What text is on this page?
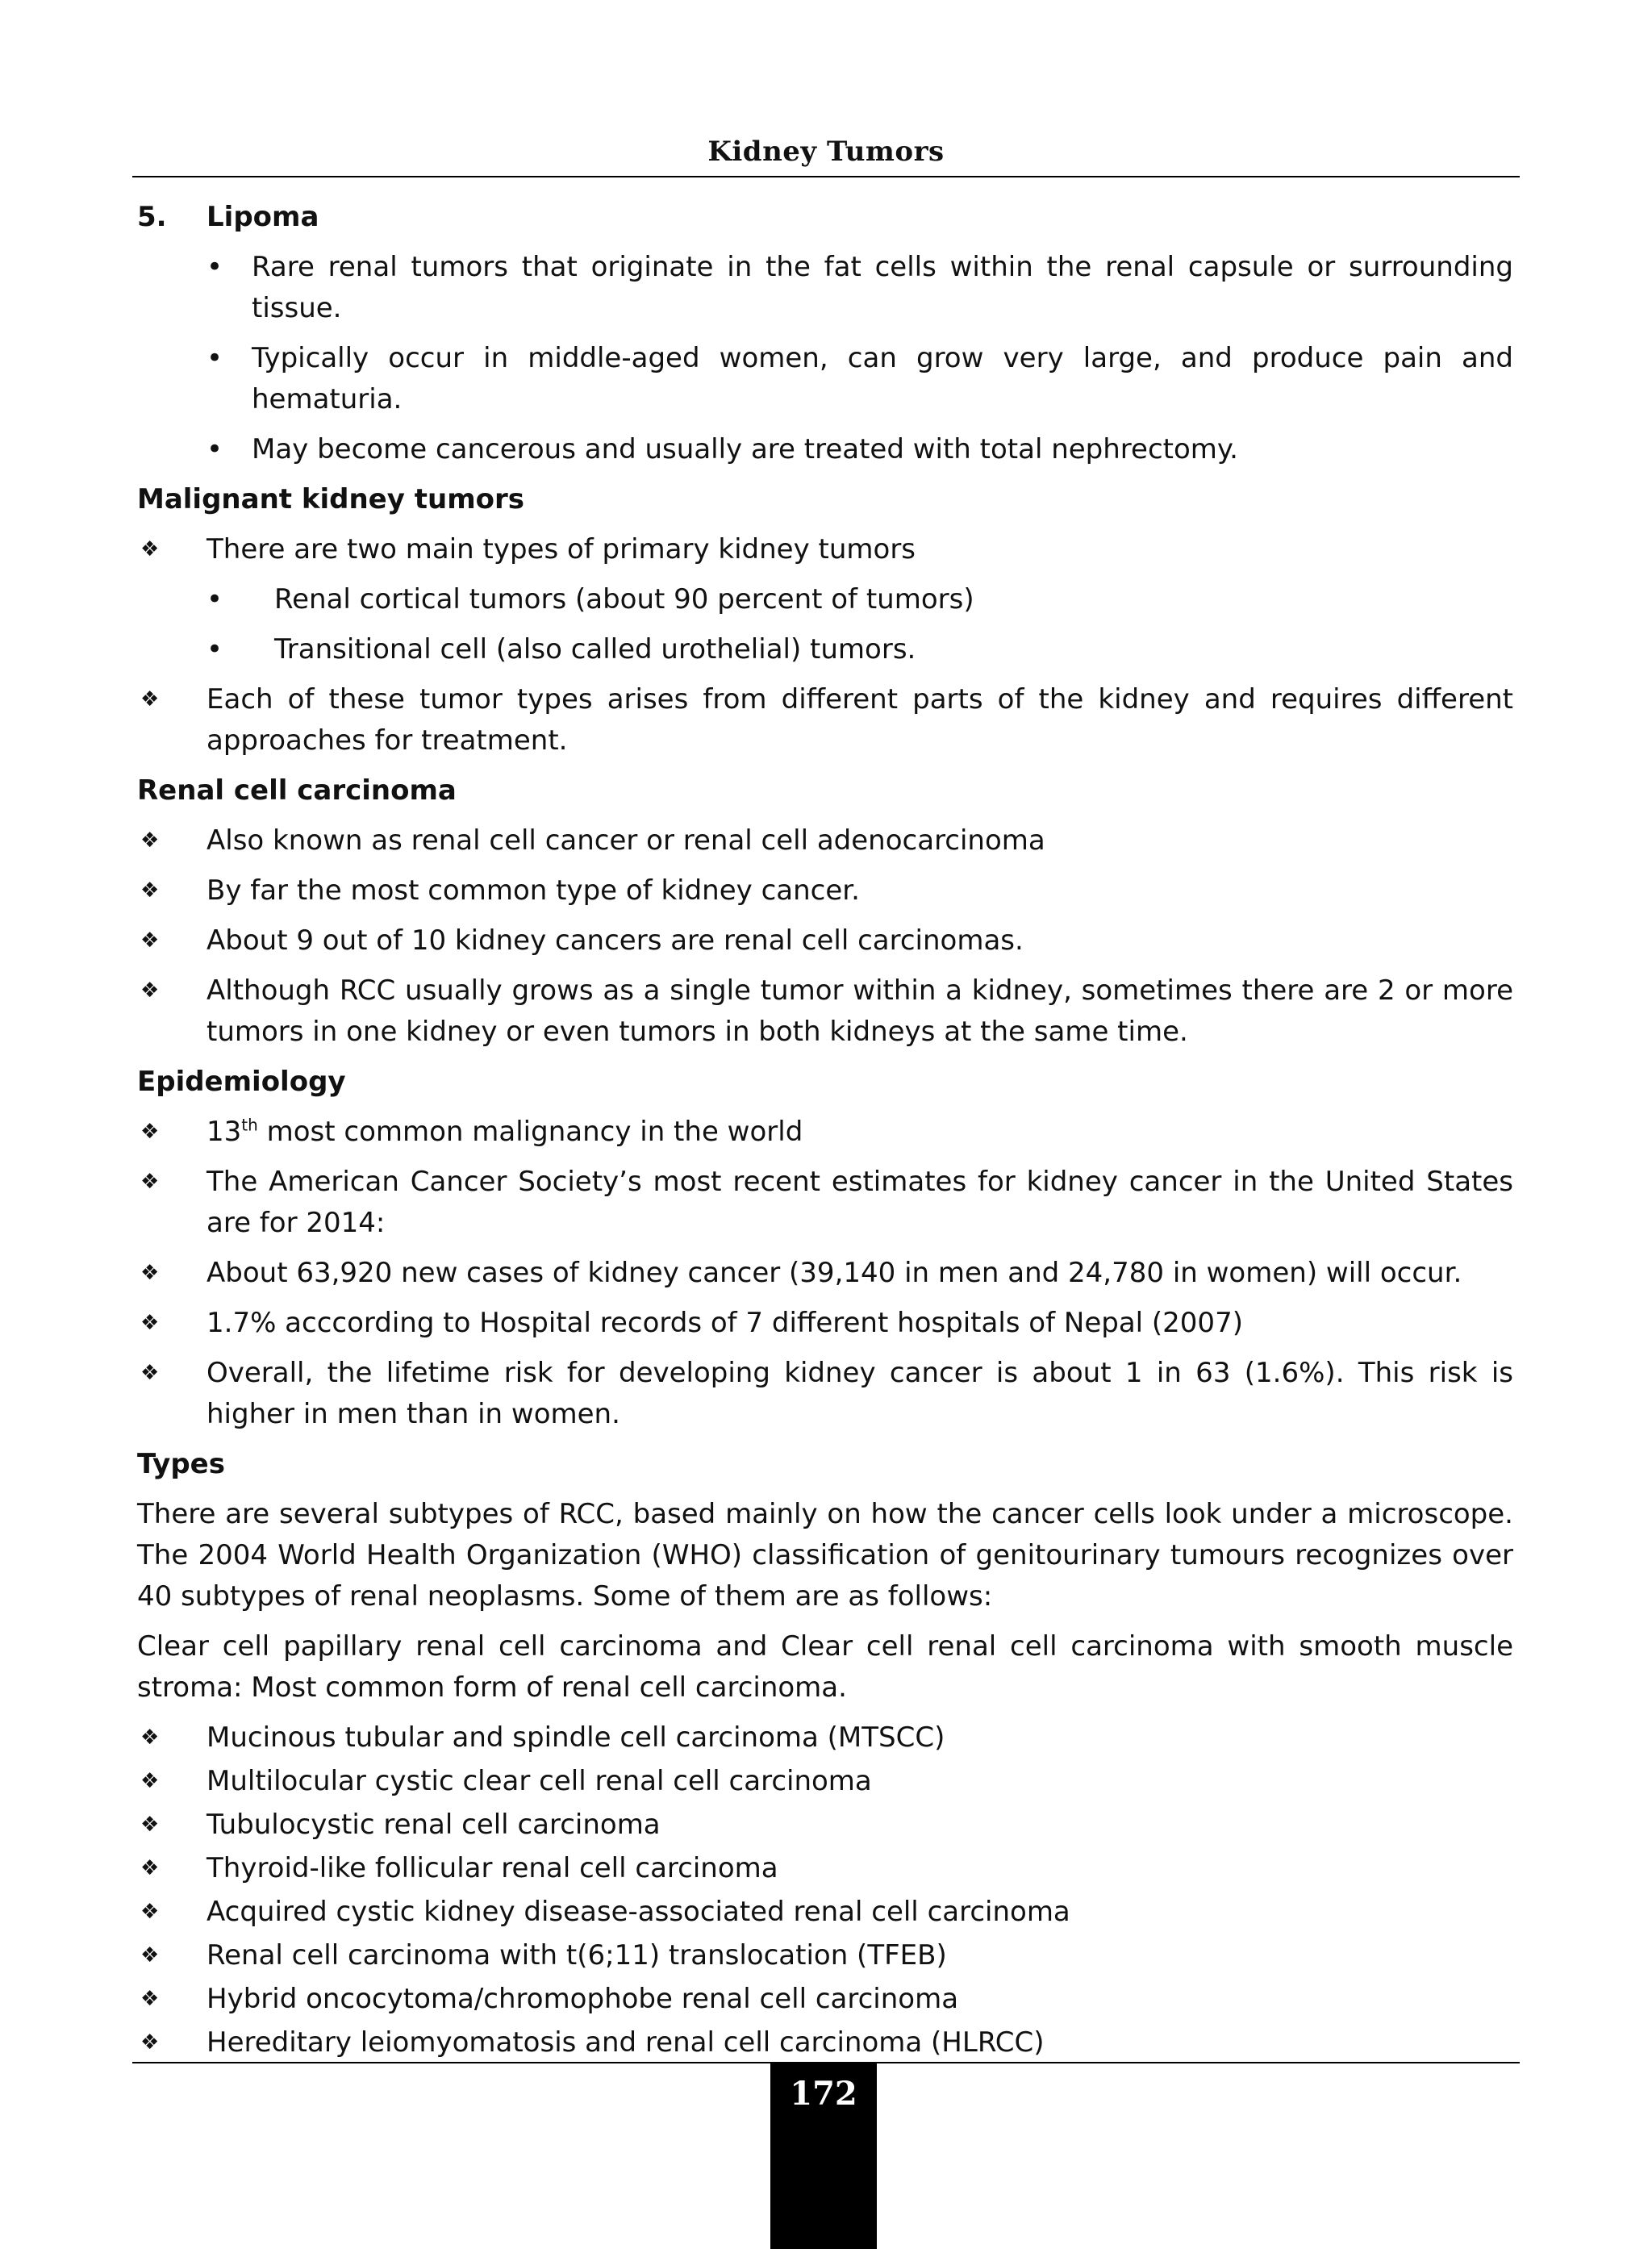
Kidney Tumors
5.	Lipoma
•	Rare renal tumors that originate in the fat cells within the renal capsule or surrounding tissue.
•	Typically occur in middle-aged women, can grow very large, and produce pain and hematuria.
•	May become cancerous and usually are treated with total nephrectomy.
Malignant kidney tumors
❖	There are two main types of primary kidney tumors
•	Renal cortical tumors (about 90 percent of tumors)
•	Transitional cell (also called urothelial) tumors.
❖	Each of these tumor types arises from different parts of the kidney and requires different approaches for treatment.
Renal cell carcinoma
❖	Also known as renal cell cancer or renal cell adenocarcinoma
❖	By far the most common type of kidney cancer.
❖	About 9 out of 10 kidney cancers are renal cell carcinomas.
❖	Although RCC usually grows as a single tumor within a kidney, sometimes there are 2 or more tumors in one kidney or even tumors in both kidneys at the same time.
Epidemiology
❖	13th most common malignancy in the world
❖	The American Cancer Society’s most recent estimates for kidney cancer in the United States are for 2014:
❖	About 63,920 new cases of kidney cancer (39,140 in men and 24,780 in women) will occur.
❖	1.7% acccording to Hospital records of 7 different hospitals of Nepal (2007)
❖	Overall, the lifetime risk for developing kidney cancer is about 1 in 63 (1.6%). This risk is higher in men than in women.
Types
There are several subtypes of RCC, based mainly on how the cancer cells look under a microscope. The 2004 World Health Organization (WHO) classification of genitourinary tumours recognizes over 40 subtypes of renal neoplasms. Some of them are as follows:
Clear cell papillary renal cell carcinoma and Clear cell renal cell carcinoma with smooth muscle stroma: Most common form of renal cell carcinoma.
❖	Mucinous tubular and spindle cell carcinoma (MTSCC)
❖	Multilocular cystic clear cell renal cell carcinoma
❖	Tubulocystic renal cell carcinoma
❖	Thyroid-like follicular renal cell carcinoma
❖	Acquired cystic kidney disease-associated renal cell carcinoma
❖	Renal cell carcinoma with t(6;11) translocation (TFEB)
❖	Hybrid oncocytoma/chromophobe renal cell carcinoma
❖	Hereditary leiomyomatosis and renal cell carcinoma (HLRCC)
172
